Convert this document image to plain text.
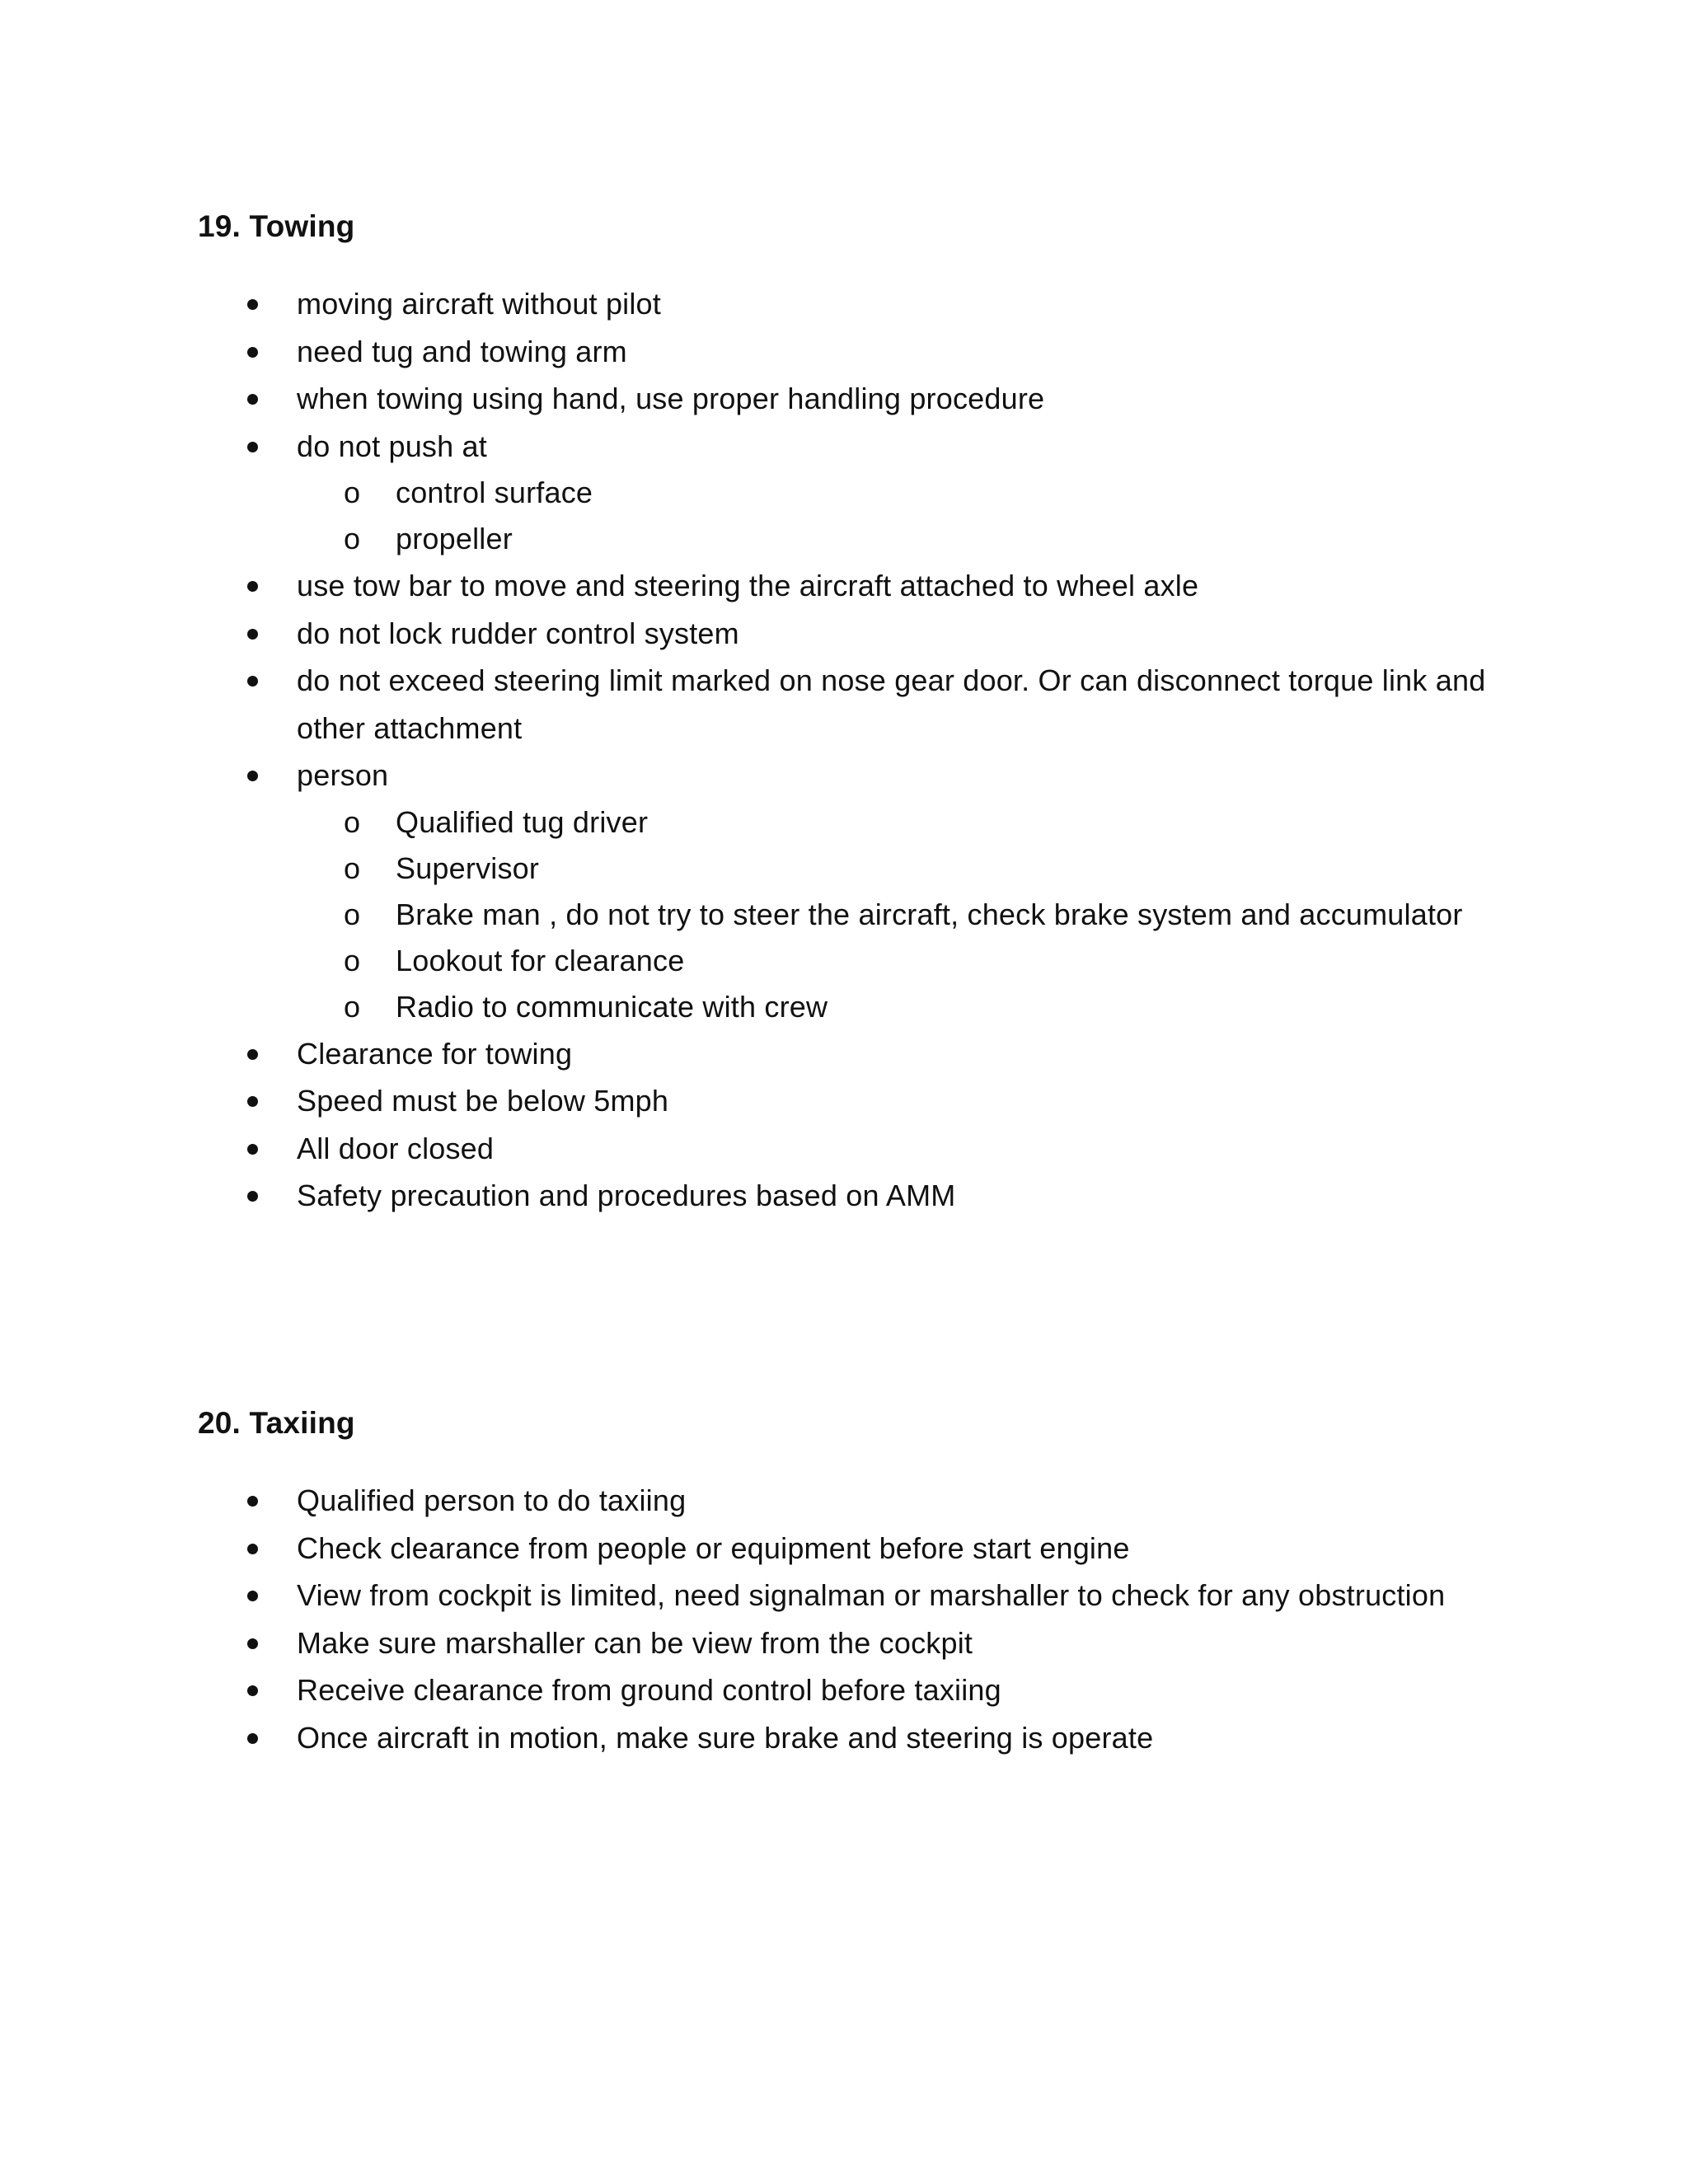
19. Towing
moving aircraft without pilot
need tug and towing arm
when towing using hand, use proper handling procedure
do not push at
o control surface
o propeller
use tow bar to move and steering the aircraft attached to wheel axle
do not lock rudder control system
do not exceed steering limit marked on nose gear door. Or can disconnect torque link and other attachment
person
o Qualified tug driver
o Supervisor
o Brake man , do not try to steer the aircraft, check brake system and accumulator
o Lookout for clearance
o Radio to communicate with crew
Clearance for towing
Speed must be below 5mph
All door closed
Safety precaution and procedures based on AMM
20. Taxiing
Qualified person to do taxiing
Check clearance from people or equipment before start engine
View from cockpit is limited, need signalman or marshaller to check for any obstruction
Make sure marshaller can be view from the cockpit
Receive clearance from ground control before taxiing
Once aircraft in motion, make sure brake and steering is operate
